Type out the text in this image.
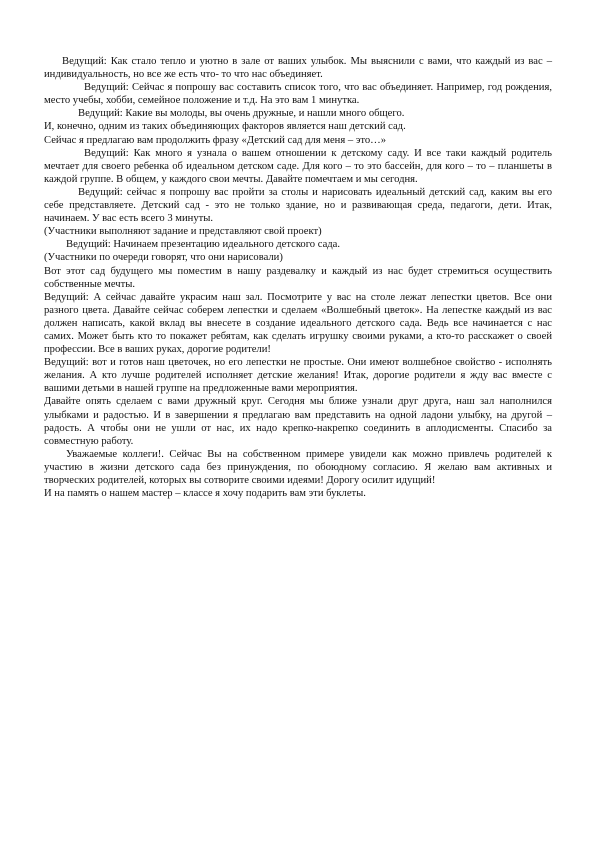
Ведущий: Как стало тепло и уютно в зале от ваших улыбок. Мы выяснили с вами, что каждый из вас – индивидуальность, но все же есть что- то что нас объединяет.

Ведущий: Сейчас я попрошу вас составить список того, что вас объединяет. Например, год рождения, место учебы, хобби, семейное положение и т.д. На это вам 1 минутка.

Ведущий: Какие вы молоды, вы очень дружные, и нашли много общего.

И, конечно, одним из таких объединяющих факторов является наш детский сад.

Сейчас я предлагаю вам продолжить фразу «Детский сад для меня – это…»

Ведущий: Как много я узнала о вашем отношении к детскому саду. И все таки каждый родитель мечтает для своего ребенка об идеальном детском саде. Для кого – то это бассейн, для кого – то – планшеты в каждой группе. В общем, у каждого свои мечты. Давайте помечтаем и мы сегодня.

Ведущий: сейчас я попрошу вас пройти за столы и нарисовать идеальный детский сад, каким вы его себе представляете. Детский сад - это не только здание, но и развивающая среда, педагоги, дети. Итак, начинаем. У вас есть всего 3 минуты.

(Участники выполняют задание и представляют свой проект)

Ведущий: Начинаем презентацию идеального детского сада.

(Участники по очереди говорят, что они нарисовали)

Вот этот сад будущего мы поместим в нашу раздевалку и каждый из нас будет стремиться осуществить собственные мечты.

Ведущий: А сейчас давайте украсим наш зал. Посмотрите у вас на столе лежат лепестки цветов. Все они разного цвета. Давайте сейчас соберем лепестки и сделаем «Волшебный цветок». На лепестке каждый из вас должен написать, какой вклад вы внесете в создание идеального детского сада. Ведь все начинается с нас самих. Может быть кто то покажет ребятам, как сделать игрушку своими руками, а кто-то расскажет о своей профессии. Все в ваших руках, дорогие родители!

Ведущий: вот и готов наш цветочек, но его лепестки не простые. Они имеют волшебное свойство - исполнять желания. А кто лучше родителей исполняет детские желания! Итак, дорогие родители я жду вас вместе с вашими детьми в нашей группе на предложенные вами мероприятия.

Давайте опять сделаем с вами дружный круг. Сегодня мы ближе узнали друг друга, наш зал наполнился улыбками и радостью. И в завершении я предлагаю вам представить на одной ладони улыбку, на другой – радость. А чтобы они не ушли от нас, их надо крепко-накрепко соединить в аплодисменты. Спасибо за совместную работу.

Уважаемые коллеги!. Сейчас Вы на собственном примере увидели как можно привлечь родителей к участию в жизни детского сада без принуждения, по обоюдному согласию. Я желаю вам активных и творческих родителей, которых вы сотворите своими идеями! Дорогу осилит идущий!

И на память о нашем мастер – классе я хочу подарить вам эти буклеты.
